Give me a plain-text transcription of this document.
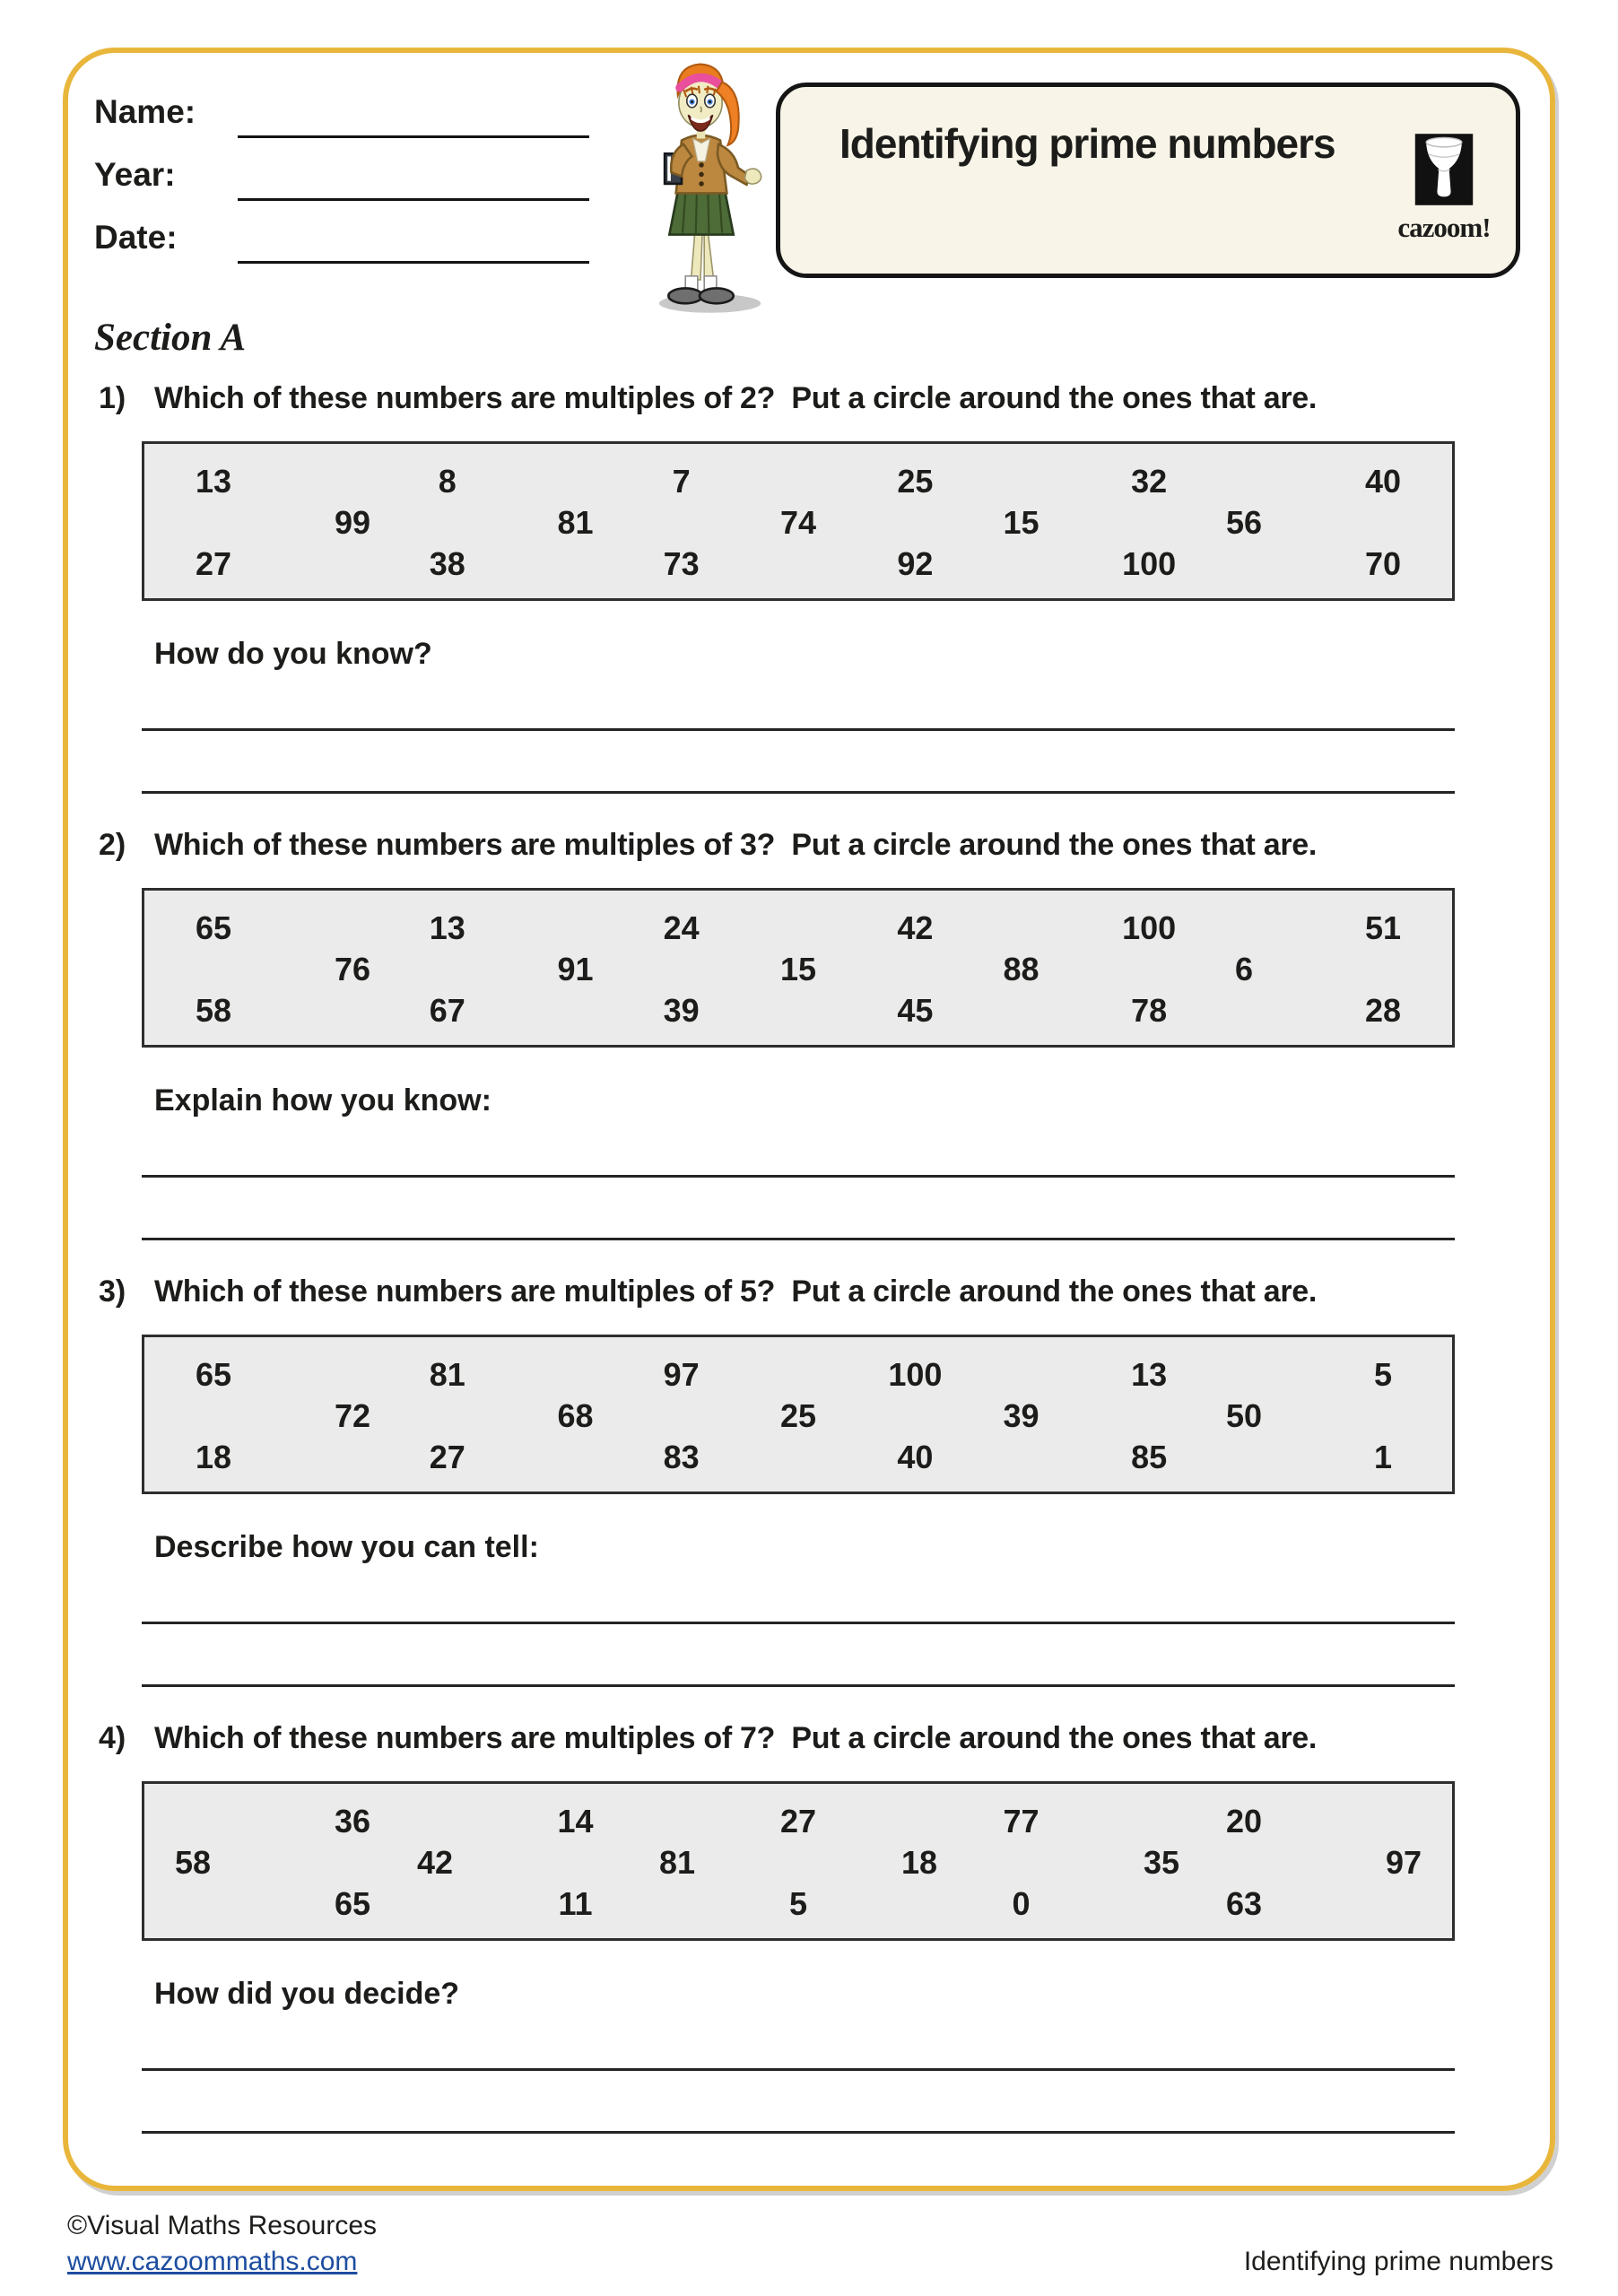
Name:
Year:
Date:
Identifying prime numbers
cazoom!
Section A
1) Which of these numbers are multiples of 2?  Put a circle around the ones that are.
13	8	7	25	32	40
99	81	74	15	56
27	38	73	92	100	70
How do you know?
2) Which of these numbers are multiples of 3?  Put a circle around the ones that are.
65	13	24	42	100	51
76	91	15	88	6
58	67	39	45	78	28
Explain how you know:
3) Which of these numbers are multiples of 5?  Put a circle around the ones that are.
65	81	97	100	13	5
72	68	25	39	50
18	27	83	40	85	1
Describe how you can tell:
4) Which of these numbers are multiples of 7?  Put a circle around the ones that are.
36	14	27	77	20
58	42	81	18	35	97
65	11	5	0	63
How did you decide?
©Visual Maths Resources
www.cazoommaths.com	Identifying prime numbers
